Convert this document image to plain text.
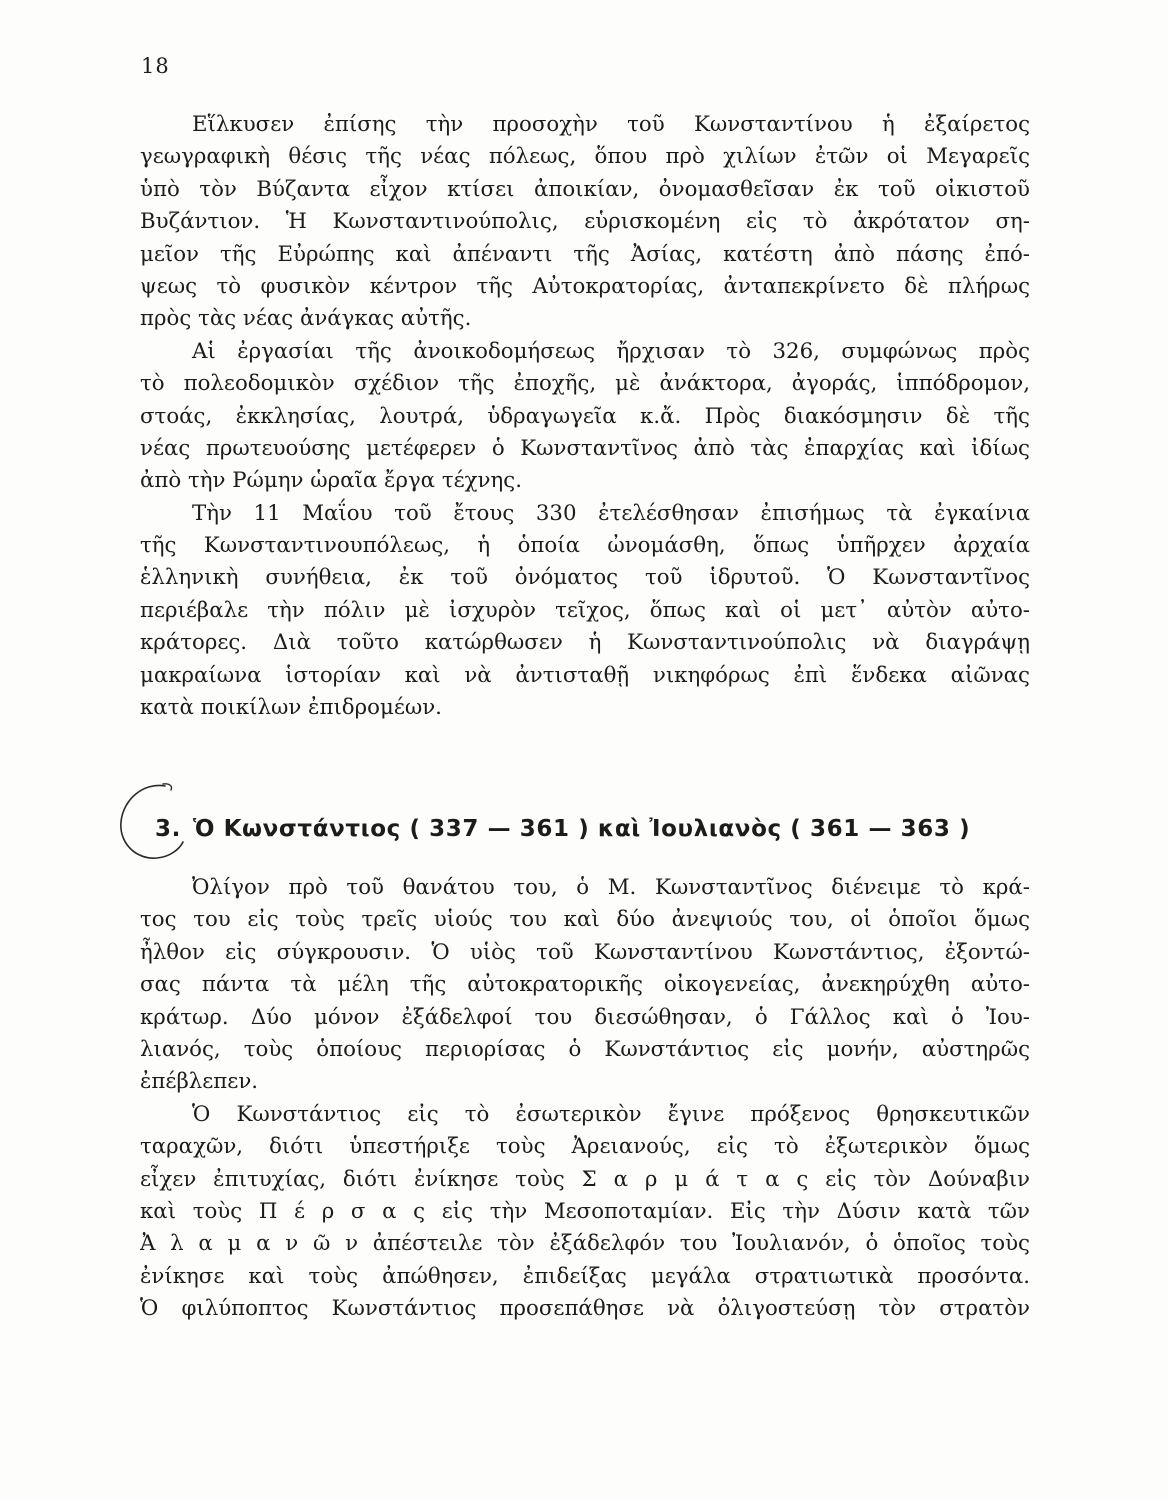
18
Εἵλκυσεν ἐπίσης τὴν προσοχὴν τοῦ Κωνσταντίνου ἡ ἐξαίρετος
γεωγραφικὴ θέσις τῆς νέας πόλεως, ὅπου πρὸ χιλίων ἐτῶν οἱ Μεγαρεῖς
ὑπὸ τὸν Βύζαντα εἶχον κτίσει ἀποικίαν, ὀνομασθεῖσαν ἐκ τοῦ οἰκιστοῦ
Βυζάντιον. Ἡ Κωνσταντινούπολις, εὑρισκομένη εἰς τὸ ἀκρότατον ση-
μεῖον τῆς Εὐρώπης καὶ ἀπέναντι τῆς Ἀσίας, κατέστη ἀπὸ πάσης ἐπό-
ψεως τὸ φυσικὸν κέντρον τῆς Αὐτοκρατορίας, ἀνταπεκρίνετο δὲ πλήρως
πρὸς τὰς νέας ἀνάγκας αὐτῆς.
Αἱ ἐργασίαι τῆς ἀνοικοδομήσεως ἤρχισαν τὸ 326, συμφώνως πρὸς
τὸ πολεοδομικὸν σχέδιον τῆς ἐποχῆς, μὲ ἀνάκτορα, ἀγοράς, ἱππόδρομον,
στοάς, ἐκκλησίας, λουτρά, ὑδραγωγεῖα κ.ἄ. Πρὸς διακόσμησιν δὲ τῆς
νέας πρωτευούσης μετέφερεν ὁ Κωνσταντῖνος ἀπὸ τὰς ἐπαρχίας καὶ ἰδίως
ἀπὸ τὴν Ρώμην ὡραῖα ἔργα τέχνης.
Τὴν 11 Μαΐου τοῦ ἔτους 330 ἐτελέσθησαν ἐπισήμως τὰ ἐγκαίνια
τῆς Κωνσταντινουπόλεως, ἡ ὁποία ὠνομάσθη, ὅπως ὑπῆρχεν ἀρχαία
ἑλληνικὴ συνήθεια, ἐκ τοῦ ὀνόματος τοῦ ἱδρυτοῦ. Ὁ Κωνσταντῖνος
περιέβαλε τὴν πόλιν μὲ ἰσχυρὸν τεῖχος, ὅπως καὶ οἱ μετ᾽ αὐτὸν αὐτο-
κράτορες. Διὰ τοῦτο κατώρθωσεν ἡ Κωνσταντινούπολις νὰ διαγράψῃ
μακραίωνα ἱστορίαν καὶ νὰ ἀντισταθῇ νικηφόρως ἐπὶ ἕνδεκα αἰῶνας
κατὰ ποικίλων ἐπιδρομέων.
3. Ὁ Κωνστάντιος ( 337 — 361 ) καὶ Ἰουλιανὸς ( 361 — 363 )
Ὀλίγον πρὸ τοῦ θανάτου του, ὁ Μ. Κωνσταντῖνος διένειμε τὸ κρά-
τος του εἰς τοὺς τρεῖς υἱούς του καὶ δύο ἀνεψιούς του, οἱ ὁποῖοι ὅμως
ἦλθον εἰς σύγκρουσιν. Ὁ υἱὸς τοῦ Κωνσταντίνου Κωνστάντιος, ἐξοντώ-
σας πάντα τὰ μέλη τῆς αὐτοκρατορικῆς οἰκογενείας, ἀνεκηρύχθη αὐτο-
κράτωρ. Δύο μόνον ἐξάδελφοί του διεσώθησαν, ὁ Γάλλος καὶ ὁ Ἰου-
λιανός, τοὺς ὁποίους περιορίσας ὁ Κωνστάντιος εἰς μονήν, αὐστηρῶς
ἐπέβλεπεν.
Ὁ Κωνστάντιος εἰς τὸ ἐσωτερικὸν ἔγινε πρόξενος θρησκευτικῶν
ταραχῶν, διότι ὑπεστήριξε τοὺς Ἀρειανούς, εἰς τὸ ἐξωτερικὸν ὅμως
εἶχεν ἐπιτυχίας, διότι ἐνίκησε τοὺς Σ α ρ μ ά τ α ς εἰς τὸν Δούναβιν
καὶ τοὺς Π έ ρ σ α ς εἰς τὴν Μεσοποταμίαν. Εἰς τὴν Δύσιν κατὰ τῶν
Ἀ λ α μ α ν ῶ ν ἀπέστειλε τὸν ἐξάδελφόν του Ἰουλιανόν, ὁ ὁποῖος τοὺς
ἐνίκησε καὶ τοὺς ἀπώθησεν, ἐπιδείξας μεγάλα στρατιωτικὰ προσόντα.
Ὁ φιλύποπτος Κωνστάντιος προσεπάθησε νὰ ὀλιγοστεύσῃ τὸν στρατὸν
